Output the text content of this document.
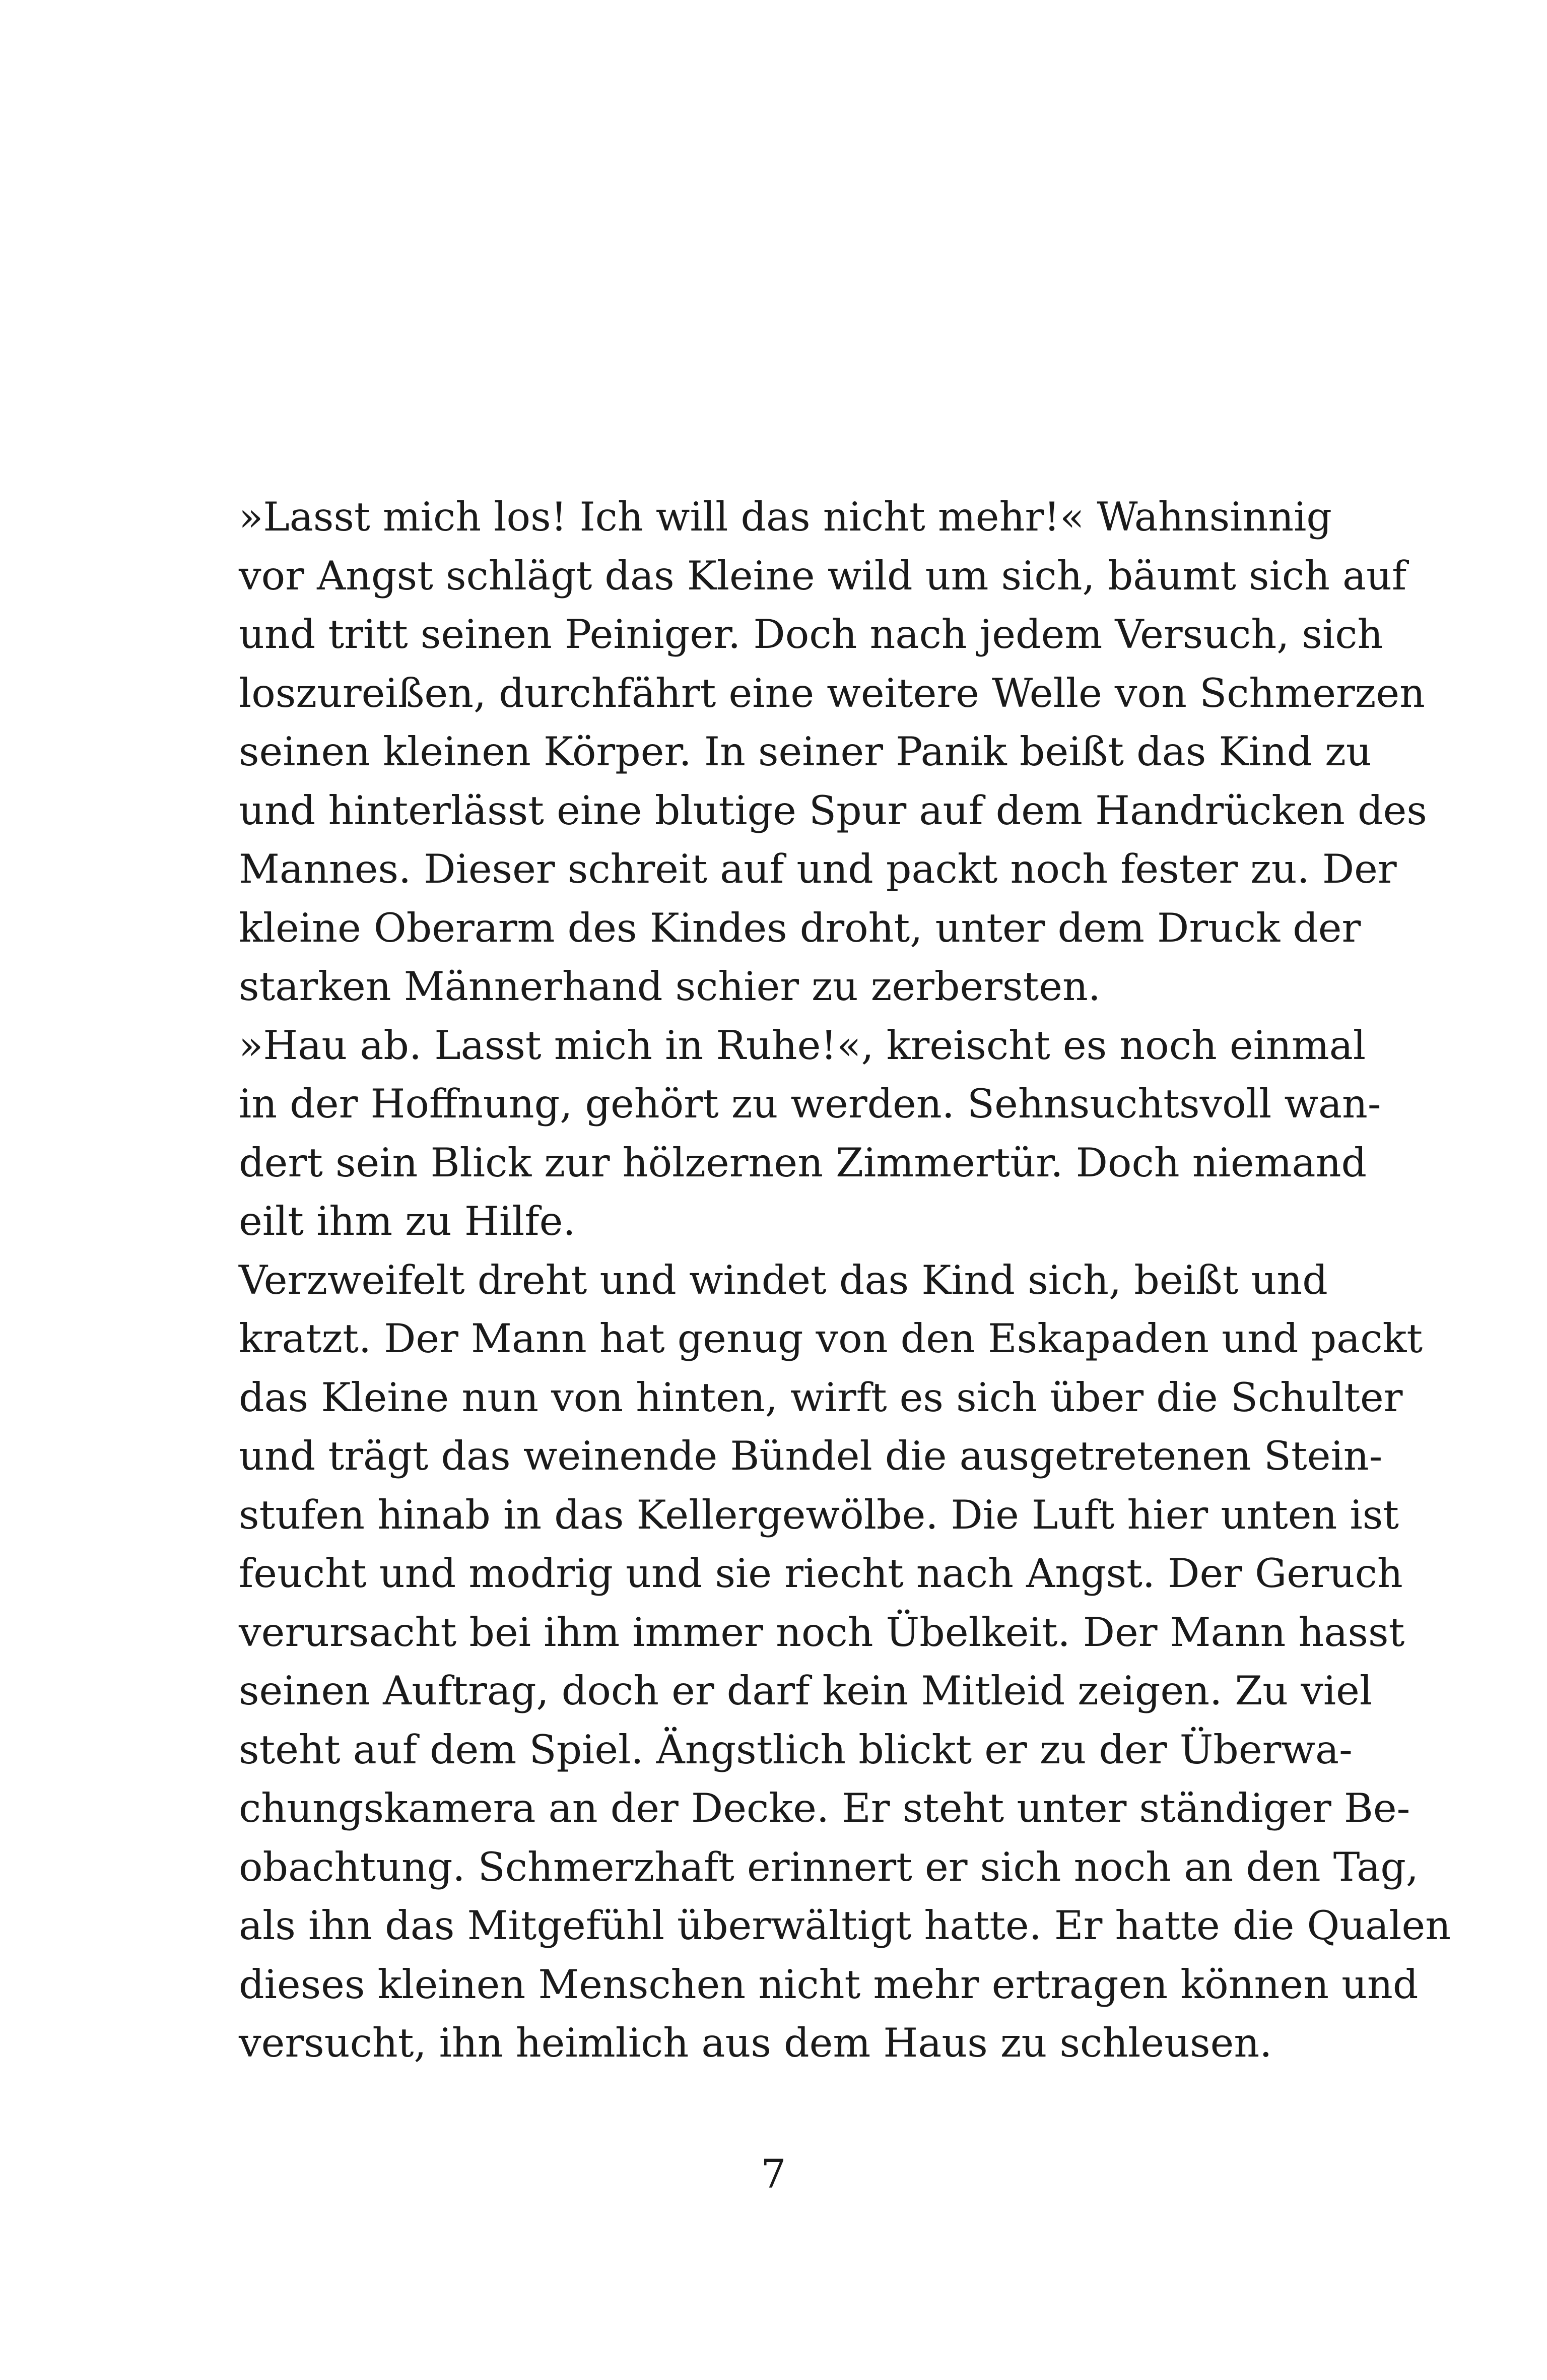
»Lasst mich los! Ich will das nicht mehr!« Wahnsinnig
vor Angst schlägt das Kleine wild um sich, bäumt sich auf
und tritt seinen Peiniger. Doch nach jedem Versuch, sich
loszureißen, durchfährt eine weitere Welle von Schmerzen
seinen kleinen Körper. In seiner Panik beißt das Kind zu
und hinterlässt eine blutige Spur auf dem Handrücken des
Mannes. Dieser schreit auf und packt noch fester zu. Der
kleine Oberarm des Kindes droht, unter dem Druck der
starken Männerhand schier zu zerbersten.
»Hau ab. Lasst mich in Ruhe!«, kreischt es noch einmal
in der Hoffnung, gehört zu werden. Sehnsuchtsvoll wan-
dert sein Blick zur hölzernen Zimmertür. Doch niemand
eilt ihm zu Hilfe.
Verzweifelt dreht und windet das Kind sich, beißt und
kratzt. Der Mann hat genug von den Eskapaden und packt
das Kleine nun von hinten, wirft es sich über die Schulter
und trägt das weinende Bündel die ausgetretenen Stein-
stufen hinab in das Kellergewölbe. Die Luft hier unten ist
feucht und modrig und sie riecht nach Angst. Der Geruch
verursacht bei ihm immer noch Übelkeit. Der Mann hasst
seinen Auftrag, doch er darf kein Mitleid zeigen. Zu viel
steht auf dem Spiel. Ängstlich blickt er zu der Überwa-
chungskamera an der Decke. Er steht unter ständiger Be-
obachtung. Schmerzhaft erinnert er sich noch an den Tag,
als ihn das Mitgefühl überwältigt hatte. Er hatte die Qualen
dieses kleinen Menschen nicht mehr ertragen können und
versucht, ihn heimlich aus dem Haus zu schleusen.
7
